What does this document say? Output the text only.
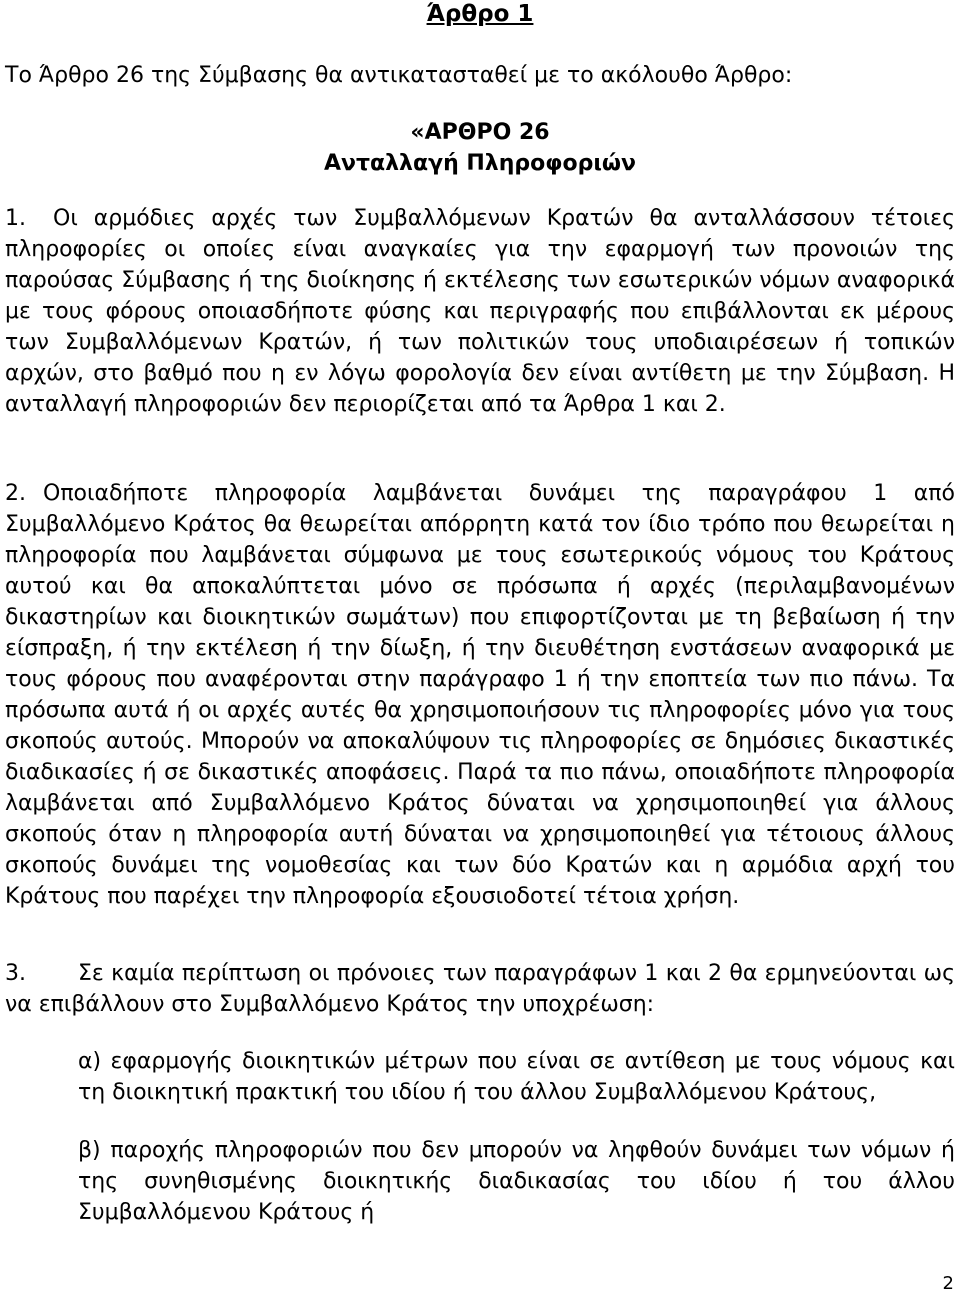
Άρθρο 1
Το Άρθρο 26 της Σύμβασης θα αντικατασταθεί με το ακόλουθο Άρθρο:
«ΑΡΘΡΟ 26
Ανταλλαγή Πληροφοριών
1. Οι αρμόδιες αρχές των Συμβαλλόμενων Κρατών θα ανταλλάσσουν τέτοιες πληροφορίες οι οποίες είναι αναγκαίες για την εφαρμογή των προνοιών της παρούσας Σύμβασης ή της διοίκησης ή εκτέλεσης των εσωτερικών νόμων αναφορικά με τους φόρους οποιασδήποτε φύσης και περιγραφής που επιβάλλονται εκ μέρους των Συμβαλλόμενων Κρατών, ή των πολιτικών τους υποδιαιρέσεων ή τοπικών αρχών, στο βαθμό που η εν λόγω φορολογία δεν είναι αντίθετη με την Σύμβαση. Η ανταλλαγή πληροφοριών δεν περιορίζεται από τα Άρθρα 1 και 2.
2. Οποιαδήποτε πληροφορία λαμβάνεται δυνάμει της παραγράφου 1 από Συμβαλλόμενο Κράτος θα θεωρείται απόρρητη κατά τον ίδιο τρόπο που θεωρείται η πληροφορία που λαμβάνεται σύμφωνα με τους εσωτερικούς νόμους του Κράτους αυτού και θα αποκαλύπτεται μόνο σε πρόσωπα ή αρχές (περιλαμβανομένων δικαστηρίων και διοικητικών σωμάτων) που επιφορτίζονται με τη βεβαίωση ή την είσπραξη, ή την εκτέλεση ή την δίωξη, ή την διευθέτηση ενστάσεων αναφορικά με τους φόρους που αναφέρονται στην παράγραφο 1 ή την εποπτεία των πιο πάνω. Τα πρόσωπα αυτά ή οι αρχές αυτές θα χρησιμοποιήσουν τις πληροφορίες μόνο για τους σκοπούς αυτούς. Μπορούν να αποκαλύψουν τις πληροφορίες σε δημόσιες δικαστικές διαδικασίες ή σε δικαστικές αποφάσεις. Παρά τα πιο πάνω, οποιαδήποτε πληροφορία λαμβάνεται από Συμβαλλόμενο Κράτος δύναται να χρησιμοποιηθεί για άλλους σκοπούς όταν η πληροφορία αυτή δύναται να χρησιμοποιηθεί για τέτοιους άλλους σκοπούς δυνάμει της νομοθεσίας και των δύο Κρατών και η αρμόδια αρχή του Κράτους που παρέχει την πληροφορία εξουσιοδοτεί τέτοια χρήση.
3. Σε καμία περίπτωση οι πρόνοιες των παραγράφων 1 και 2 θα ερμηνεύονται ως να επιβάλλουν στο Συμβαλλόμενο Κράτος την υποχρέωση:
α) εφαρμογής διοικητικών μέτρων που είναι σε αντίθεση με τους νόμους και τη διοικητική πρακτική του ιδίου ή του άλλου Συμβαλλόμενου Κράτους,
β) παροχής πληροφοριών που δεν μπορούν να ληφθούν δυνάμει των νόμων ή της συνηθισμένης διοικητικής διαδικασίας του ιδίου ή του άλλου Συμβαλλόμενου Κράτους ή
2
